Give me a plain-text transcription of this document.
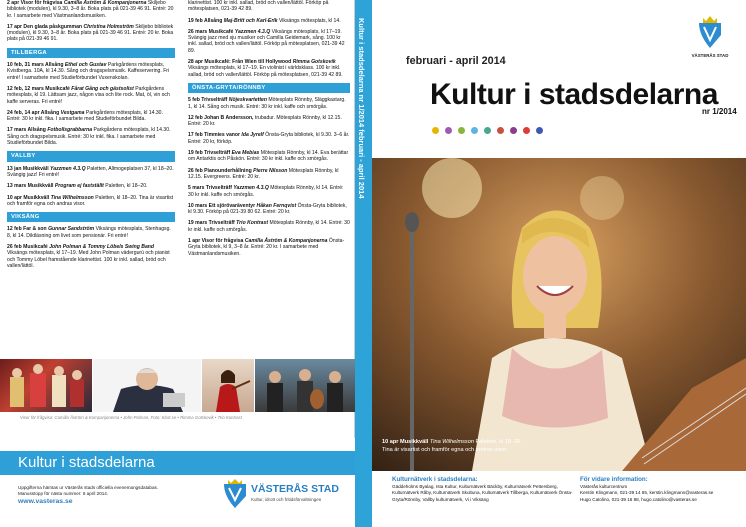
2 apr Visor för frågvisa Camilla Åström & Kompanjonerna Skiljebo bibliotek (modulen), kl 9.30, 3–8 år. Boka plats på 021-39 46 91. Entré: 20 kr. I samarbete med Västmanlandsmusiken.
17 apr Den glada påskgumman Christina Holmström Skiljebo bibliotek (modulen), kl 9.30, 3–8 år. Boka plats på 021-39 46 91. Entré: 20 kr. Boka plats på 021-39 46 91.
TILLBERGA
10 feb, 31 mars Allsång Ethel och Gustav Parkgårdens mötesplats, Kvistberga. 10A, kl 14.30. Sång och dragspelsmusik. Kaffeservering. Fri entré! I samarbete med Studieförbundet Vuxenskolan.
12 feb, 12 mars Musikcafé Fårat Gång och gästsolist Parkgårdens mötesplats, kl 19. Lättsam jazz, någon visa och lite rock. Mat, öl, vin och kaffe serveras. Fri entré!
24 feb, 14 apr Allsång Vestgama Parkgårdens mötesplats, kl 14.30. Entré: 30 kr inkl. fika. I samarbete med Studieförbundet Bilda.
17 mars Allsång Fotbollsgrabbarna Parkgårdens mötesplats, kl 14.30. Sång och dragspelsmusik. Entré: 30 kr inkl. fika. I samarbete med Studieförbundet Bilda.
VALLBY
13 jan Musikkväll Yazzmen 4.3.Q Paletten, Allmogeplatsen 37, kl 18–20. Svängig jazz! Fri entré!
13 mars Musikkväll Program ej fastställt Paletten, kl 18–20.
10 apr Musikkväll Tina Wilhelmsson Paletten, kl 18–20. Tina är visartist och framför egna och andras visor.
VIKSÄNG
12 feb Far & son Gunnar Sandström Viksängs mötesplats, Stenhagsg. 8, kl 14. Diktläsning om livet som pensionär. Fri entré!
26 feb Musikcafé John Polman & Tommy Löbels Swing Band Viksängs mötesplats, kl 17–19. Med John Polman vädergurú och pianist och Tommy Löbel framstående klarinettist. 100 kr inkl. sallad, bröd och vallen/lättöl.
klarinettist. 100 kr inkl. sallad, bröd och vallen/lättöl. Förköp på mötesplatsen, 021-39 42 89.
19 feb Allsång Maj-Britt och Karl-Erik Viksängs mötesplats, kl 14.
26 mars Musikcafé Yazzmen 4.3.Q Viksängs mötesplats, kl 17–19. Svängig jazz med sju musiker och Camilla Geidemark, sång. 100 kr inkl. sallad, bröd och vallen/lättöl. Förköp på mötesplatsen, 021-39 42 89.
28 apr Musikcafé: Från Wien till Hollywood Rimma Gotskovik Viksängs mötesplats, kl 17–19. En violinist i världsklass. 100 kr inkl. sallad, bröd och vallen/lättöl. Förköp på mötesplatsen, 021-39 42 89.
ÖNSTA-GRYTA/RÖNNBY
5 feb Trivselträff Nöjeskvartetten Mötesplats Rönnby, Släggkastarg. 1, kl 14. Sång och musik. Entré: 30 kr inkl. kaffe och smörgås.
12 feb Johan B Andersson, trubadur. Mötesplats Rönnby, kl 12.15. Entré: 20 kr.
17 feb Timmies vanor Ida Jyrelf Önsta-Gryta bibliotek, kl 9.30. 3–6 år. Entré: 20 kr, förköp.
19 feb Trivselträff Eva Mebias Mötesplats Rönnby, kl 14. Eva berättar om Antarktis och Påskön. Entré: 30 kr inkl. kaffe och smörgås.
26 feb Pianounderhållning Pierre Nilsson Mötesplats Rönnby, kl 12.15. Evergreens. Entré: 20 kr.
5 mars Trivselträff Yazzmen 4.3.Q Mötesplats Rönnby, kl 14. Entré: 30 kr inkl. kaffe och smörgås.
10 mars Ett sjörövaräventyr Håkan Fernqvist Önsta-Gryta bibliotek, kl 9.30. Förköp på 021-39 80 62. Entré: 20 kr.
19 mars Trivselträff Trio Kontrast Mötesplats Rönnby, kl 14. Entré: 30 kr inkl. kaffe och smörgås.
1 apr Visor för frågvisa Camilla Åström & Kompanjonerna Önsta-Gryta bibliotek, kl 9, 3–8 år. Entré: 20 kr. I samarbete med Västmanlandsmusiken.
Visor för frågvisa: Camilla Åström & Kompanjonerna • John Polman, Foto: Klart.se • Rimma Gotskovik • Trio Kontrast
Kultur i stadsdelarna
Uppgifterna hämtas ur Västerås stads officiella evenemangsdatabas.
Manusstopp för nästa nummer: 6 april 2014.
www.vasteras.se
VÄSTERÅS STAD
Kultur, idrott och fritidsförvaltningen
Kultur i stadsdelarna nr 1/2014 februari - april 2014	VÄSTERÅS STAD
februari - april 2014
Kultur i stadsdelarna
nr 1/2014
10 apr Musikkväll Tina Wilhelmsson Paletten, kl 18–20.
Tina är visartist och framför egna och andras visor.
Kulturnätverk i stadsdelarna:
Gäddeholms Byalag, Ista Kultur, Kulturnätverk Bäckby, Kulturnätverk Pettersberg, Kulturnätverk Råby, Kulturnätverk Skultuna, Kulturnätverk Tillberga, Kulturnätverk Önsta-Gryta/Rönnby, Vallby kulturnätverk, Vi i Viksäng
För vidare information:
Västerås kulturcentrum
Kerstin Klingmann, 021-39 14 65, kerstin.klingmann@vasteras.se
Hugo Catolino, 021-39 16 88, hugo.catolino@vasteras.se
